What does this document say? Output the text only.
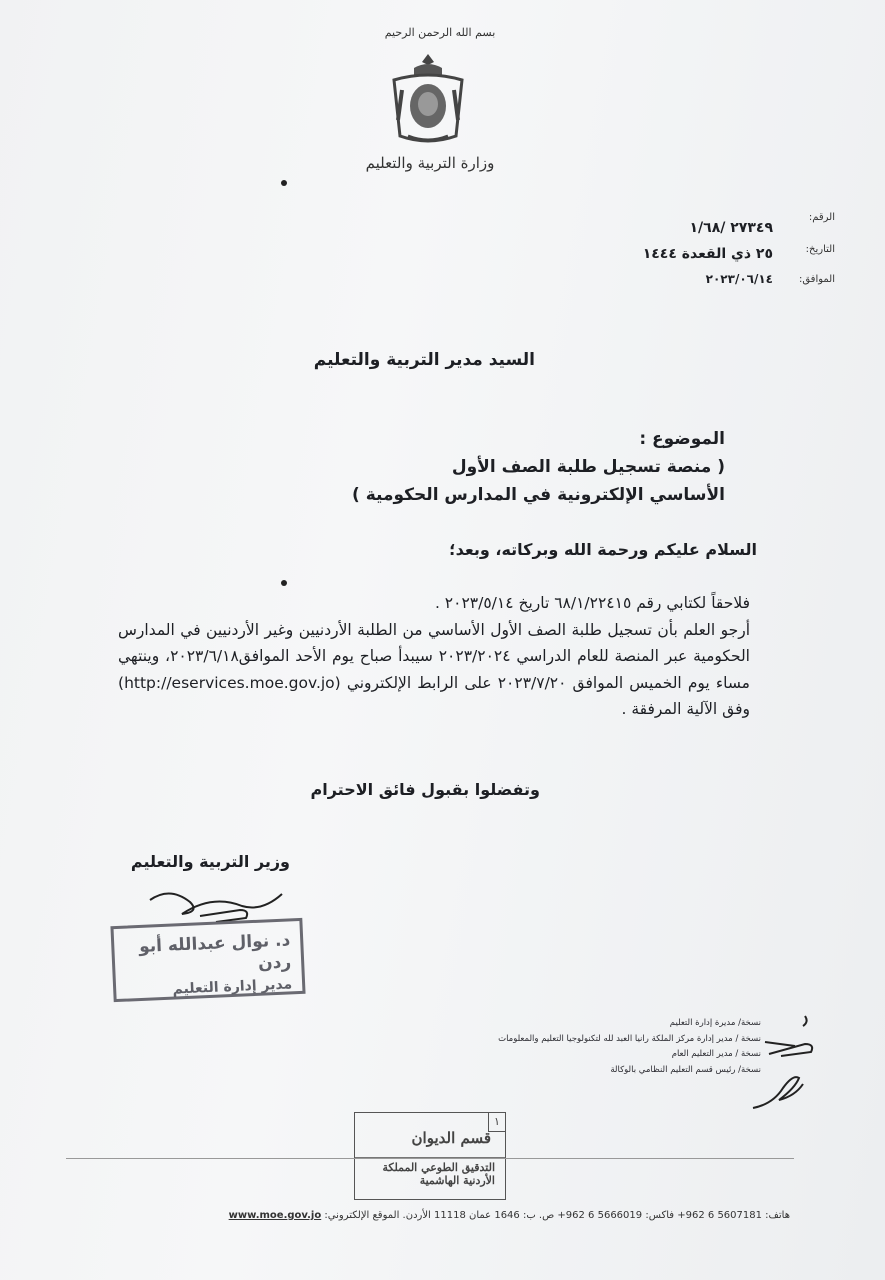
بسم الله الرحمن الرحيم
وزارة التربية والتعليم
الرقم:
٢٧٣٤٩ /١/٦٨
التاريخ:
٢٥ ذي القعدة ١٤٤٤
الموافق:
٢٠٢٣/٠٦/١٤
السيد مدير التربية والتعليم
الموضوع :
( منصة تسجيل طلبة الصف الأول
الأساسي الإلكترونية في المدارس الحكومية )
السلام عليكم ورحمة الله وبركاته، وبعد؛

فلاحقاً لكتابي رقم ٦٨/١/٢٢٤١٥ تاريخ ٢٠٢٣/٥/١٤ .

أرجو العلم بأن تسجيل طلبة الصف الأول الأساسي من الطلبة الأردنيين وغير الأردنيين في المدارس الحكومية عبر المنصة للعام الدراسي ٢٠٢٣/٢٠٢٤ سيبدأ صباح يوم الأحد الموافق٢٠٢٣/٦/١٨، وينتهي مساء يوم الخميس الموافق ٢٠٢٣/٧/٢٠ على الرابط الإلكتروني (http://eservices.moe.gov.jo) وفق الآلية المرفقة .

وتفضلوا بقبول فائق الاحترام
وزير التربية والتعليم
د. نوال عبدالله أبو ردن
مدير إدارة التعليم
نسخة/ مديرة إدارة التعليم
نسخة / مدير إدارة مركز الملكة رانيا العبد لله لتكنولوجيا التعليم والمعلومات
نسخة / مدير التعليم العام
نسخة/ رئيس قسم التعليم النظامي بالوكالة
١
قسم الديوان
التدقيق الطوعي المملكة الأردنية الهاشمية
هاتف: 5607181 6 962+ فاكس: 5666019 6 962+ ص. ب: 1646 عمان 11118 الأردن. الموقع الإلكتروني: www.moe.gov.jo
